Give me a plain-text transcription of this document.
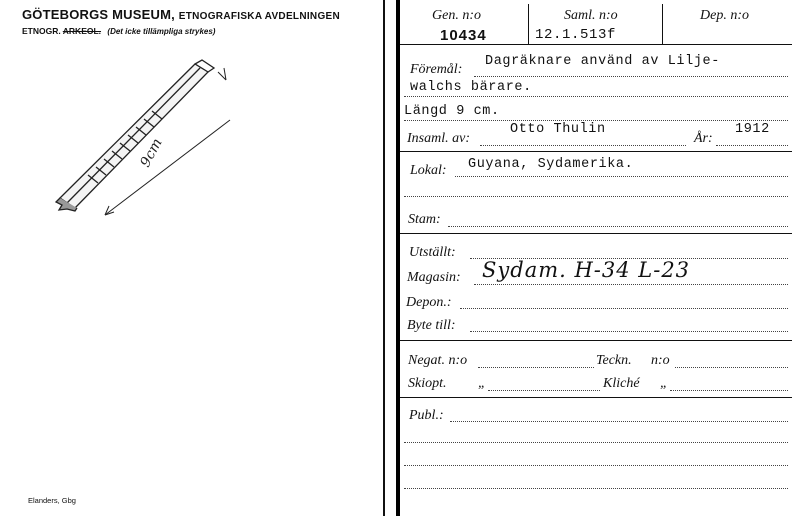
GÖTEBORGS MUSEUM, ETNOGRAFISKA AVDELNINGEN
ETNOGR. ARKEOL. (Det icke tillämpliga strykes)
9cm
Elanders, Gbg
Gen. n:o
10434
Saml. n:o
12.1.513f
Dep. n:o
Föremål:
Dagräknare använd av Lilje-
walchs bärare.
Längd 9 cm.
Insaml. av:
Otto Thulin
År:
1912
Lokal: Guyana, Sydamerika.
Stam:
Utställt:
Magasin: Sydam. H-34 L-23
Depon.:
Byte till:
Negat. n:o	Teckn. n:o
Skiopt. „	Kliché „
Publ.:
